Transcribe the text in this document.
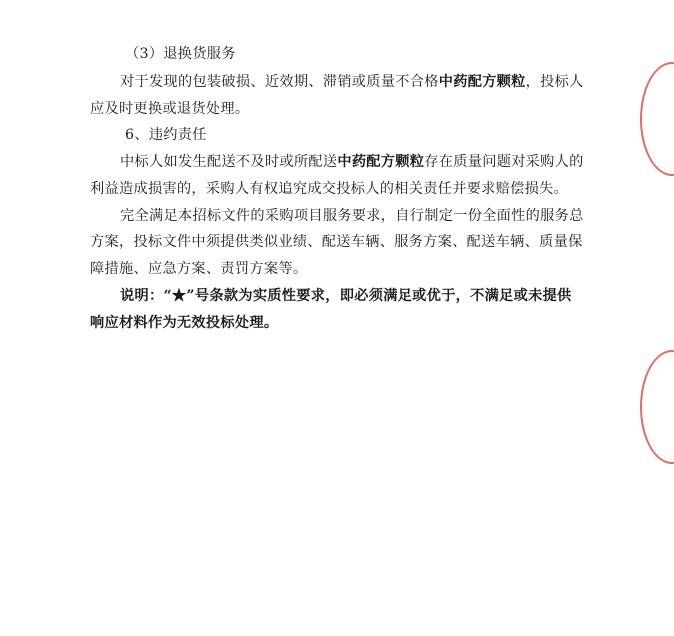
（3）退换货服务
对于发现的包装破损、近效期、滞销或质量不合格中药配方颗粒，投标人
应及时更换或退货处理。
6、违约责任
中标人如发生配送不及时或所配送中药配方颗粒存在质量问题对采购人的
利益造成损害的，采购人有权追究成交投标人的相关责任并要求赔偿损失。
完全满足本招标文件的采购项目服务要求，自行制定一份全面性的服务总
方案，投标文件中须提供类似业绩、配送车辆、服务方案、配送车辆、质量保
障措施、应急方案、责罚方案等。
说明：“★”号条款为实质性要求，即必须满足或优于，不满足或未提供
响应材料作为无效投标处理。
